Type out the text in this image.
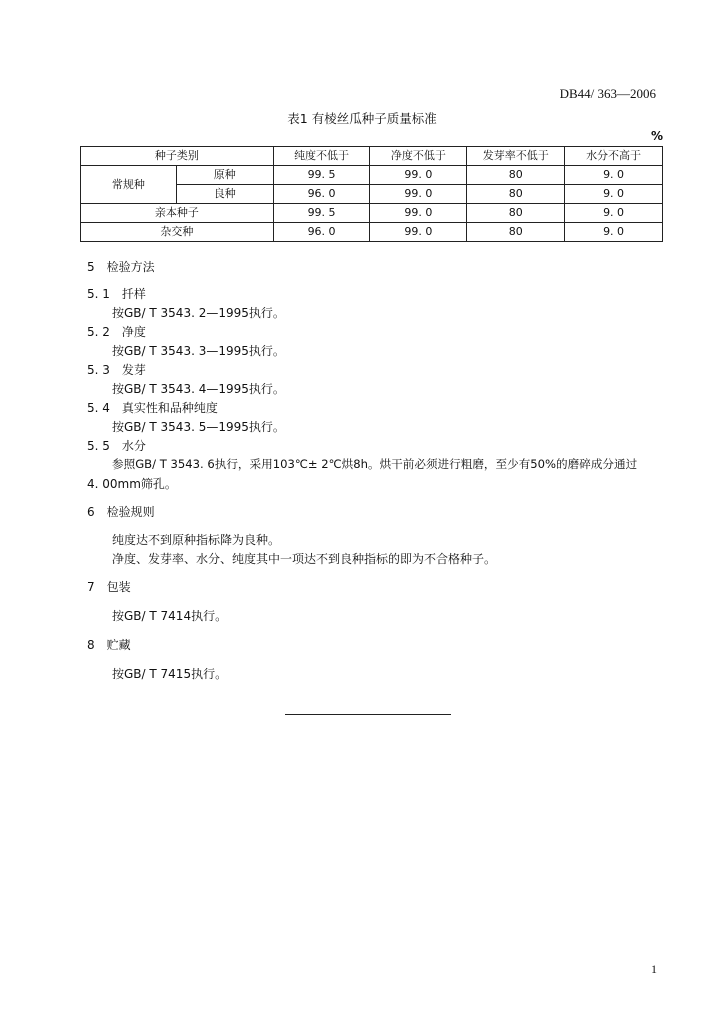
DB44/ 363—2006
表1 有棱丝瓜种子质量标准
%
种子类别		纯度不低于	净度不低于	发芽率不低于	水分不高于
常规种	原种	99. 5	99. 0	80	9. 0
	良种	96. 0	99. 0	80	9. 0
亲本种子		99. 5	99. 0	80	9. 0
杂交种		96. 0	99. 0	80	9. 0
5　检验方法
5. 1　扦样
按GB/ T 3543. 2—1995执行。
5. 2　净度
按GB/ T 3543. 3—1995执行。
5. 3　发芽
按GB/ T 3543. 4—1995执行。
5. 4　真实性和品种纯度
按GB/ T 3543. 5—1995执行。
5. 5　水分
参照GB/ T 3543. 6执行，采用103℃± 2℃烘8h。烘干前必须进行粗磨，至少有50%的磨碎成分通过
4. 00mm筛孔。
6　检验规则
纯度达不到原种指标降为良种。
净度、发芽率、水分、纯度其中一项达不到良种指标的即为不合格种子。
7　包装
按GB/ T 7414执行。
8　贮藏
按GB/ T 7415执行。
1
